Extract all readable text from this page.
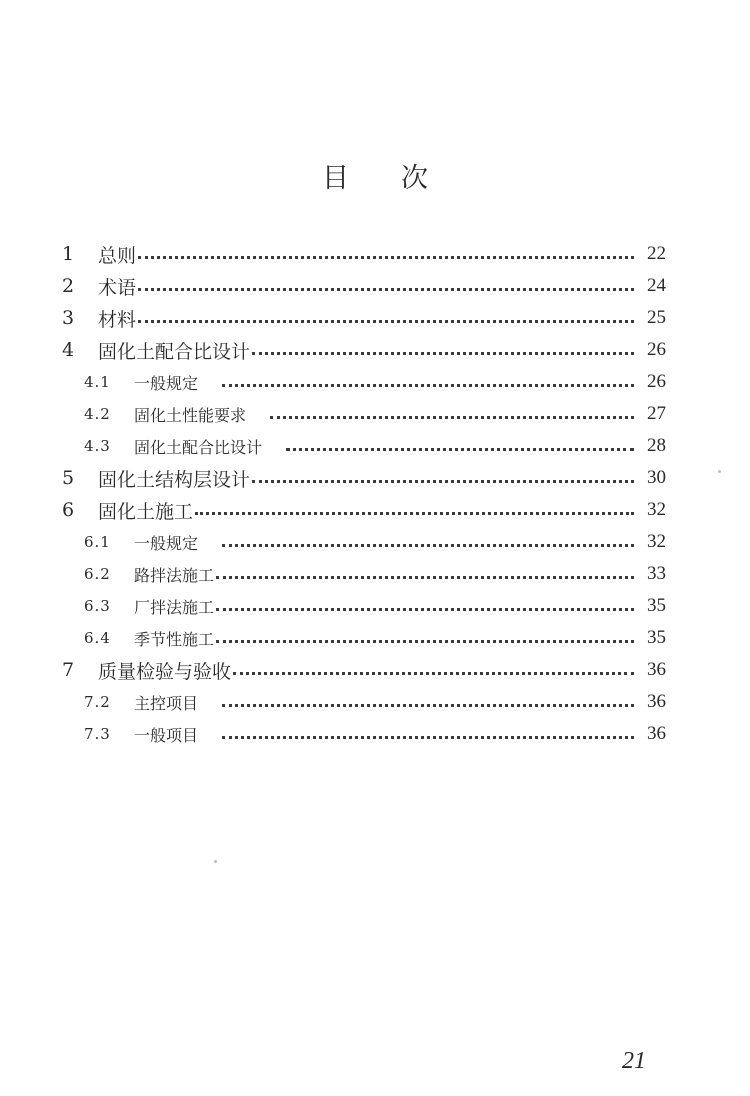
目 次
1	总则	22
2	术语	24
3	材料	25
4	固化土配合比设计	26
4.1	一般规定	26
4.2	固化土性能要求	27
4.3	固化土配合比设计	28
5	固化土结构层设计	30
6	固化土施工	32
6.1	一般规定	32
6.2	路拌法施工	33
6.3	厂拌法施工	35
6.4	季节性施工	35
7	质量检验与验收	36
7.2	主控项目	36
7.3	一般项目	36
21
